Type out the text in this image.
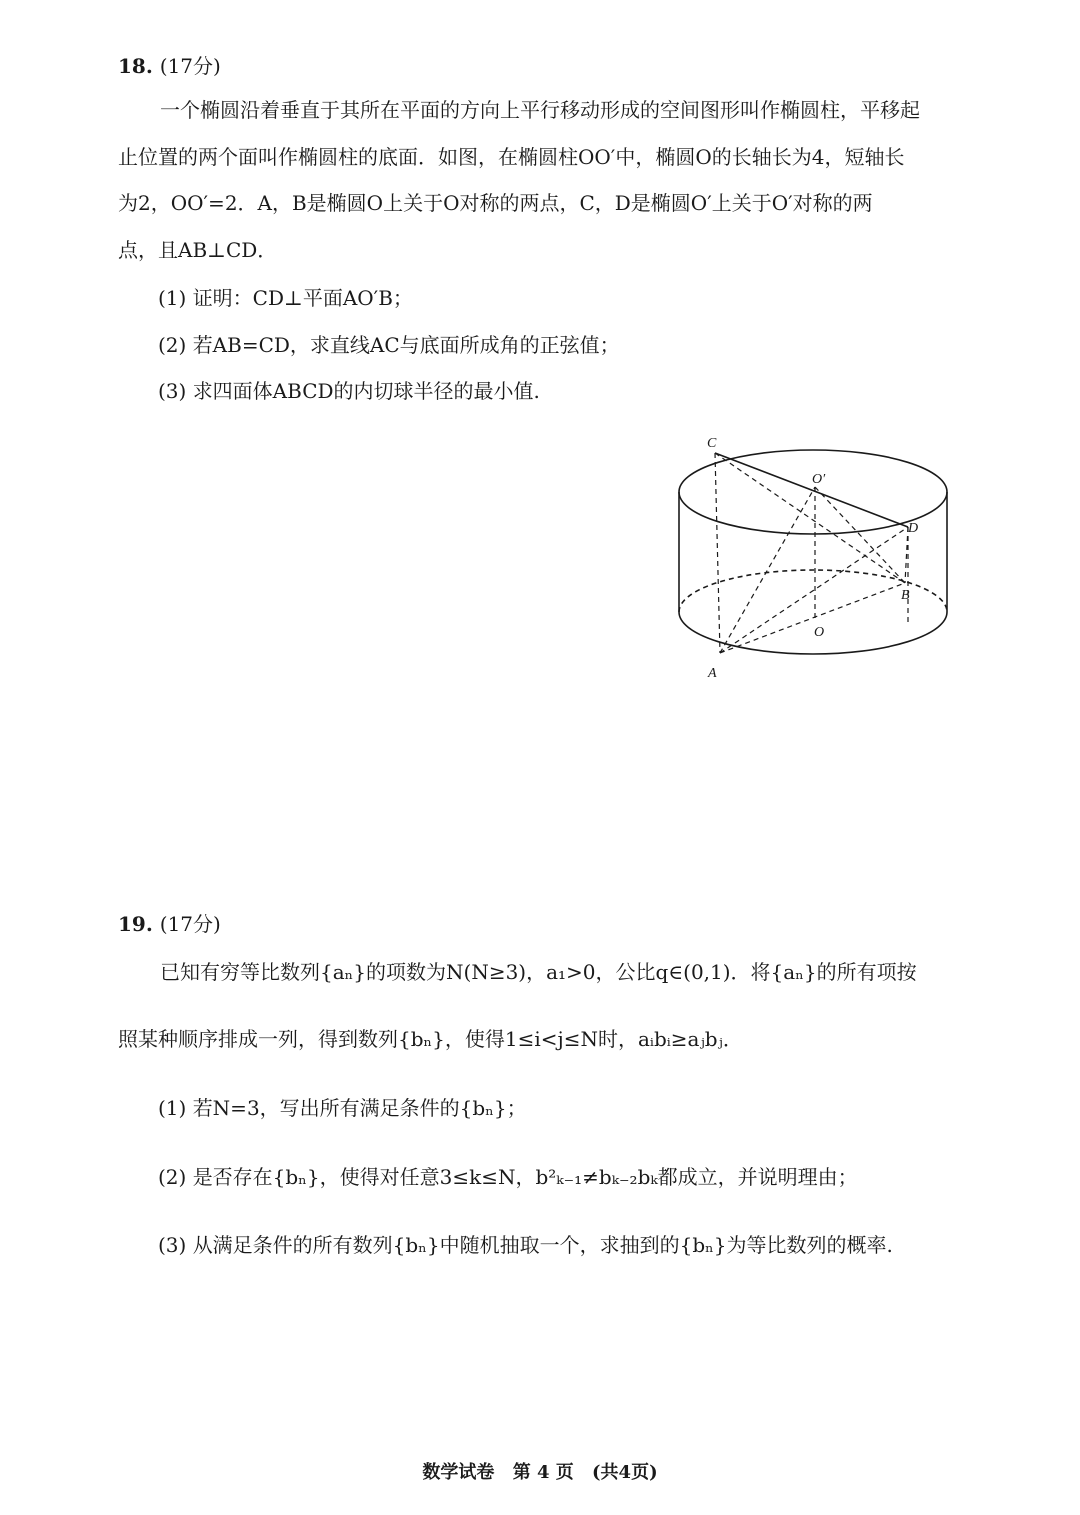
18. (17分)
一个椭圆沿着垂直于其所在平面的方向上平行移动形成的空间图形叫作椭圆柱，平移起
止位置的两个面叫作椭圆柱的底面．如图，在椭圆柱OO′中，椭圆O的长轴长为4，短轴长
为2，OO′=2．A，B是椭圆O上关于O对称的两点，C，D是椭圆O′上关于O′对称的两
点，且AB⊥CD．
(1) 证明：CD⊥平面AO′B；
(2) 若AB=CD，求直线AC与底面所成角的正弦值；
(3) 求四面体ABCD的内切球半径的最小值.
C
O′
D
B
O
A
19. (17分)
已知有穷等比数列{aₙ}的项数为N(N≥3)，a₁>0，公比q∈(0,1)．将{aₙ}的所有项按
照某种顺序排成一列，得到数列{bₙ}，使得1≤i<j≤N时，aᵢbᵢ≥aⱼbⱼ．
(1) 若N=3，写出所有满足条件的{bₙ}；
(2) 是否存在{bₙ}，使得对任意3≤k≤N，b²ₖ₋₁≠bₖ₋₂bₖ都成立，并说明理由；
(3) 从满足条件的所有数列{bₙ}中随机抽取一个，求抽到的{bₙ}为等比数列的概率.
数学试卷 第 4 页 (共4页)
